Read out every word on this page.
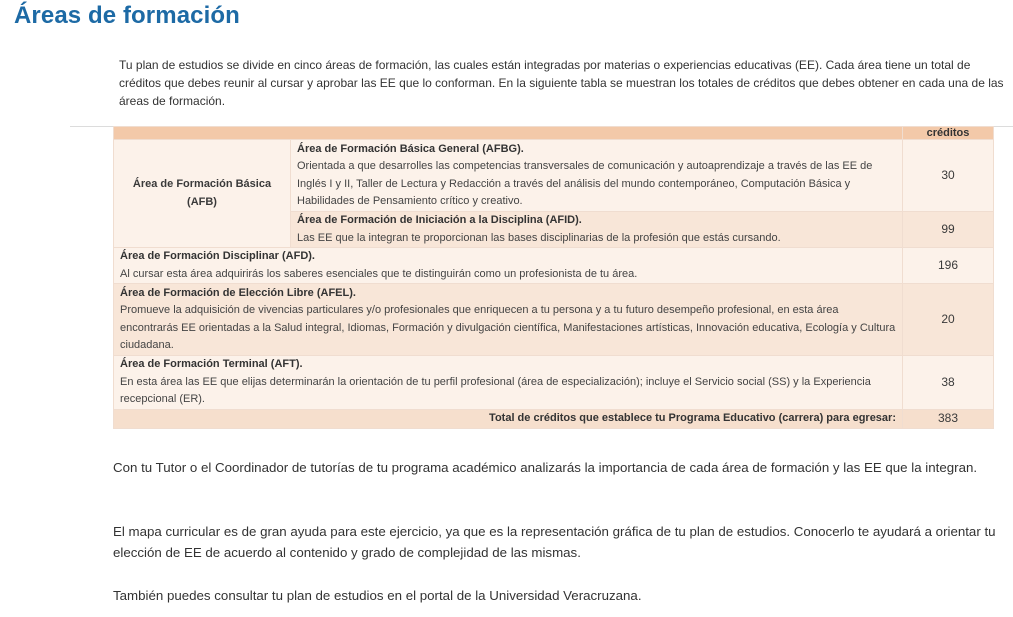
Áreas de formación

Tu plan de estudios se divide en cinco áreas de formación, las cuales están integradas por materias o experiencias educativas (EE). Cada área tiene un total de créditos que debes reunir al cursar y aprobar las EE que lo conforman. En la siguiente tabla se muestran los totales de créditos que debes obtener en cada una de las áreas de formación.

		créditos
Área de Formación Básica (AFB)	Área de Formación Básica General (AFBG).
Orientada a que desarrolles las competencias transversales de comunicación y autoaprendizaje a través de las EE de Inglés I y II, Taller de Lectura y Redacción a través del análisis del mundo contemporáneo, Computación Básica y Habilidades de Pensamiento crítico y creativo.	30

	Área de Formación de Iniciación a la Disciplina (AFID).
Las EE que la integran te proporcionan las bases disciplinarias de la profesión que estás cursando.	99

Área de Formación Disciplinar (AFD).
Al cursar esta área adquirirás los saberes esenciales que te distinguirán como un profesionista de tu área.		196

Área de Formación de Elección Libre (AFEL).
Promueve la adquisición de vivencias particulares y/o profesionales que enriquecen a tu persona y a tu futuro desempeño profesional, en esta área encontrarás EE orientadas a la Salud integral, Idiomas, Formación y divulgación científica, Manifestaciones artísticas, Innovación educativa, Ecología y Cultura ciudadana.		20

Área de Formación Terminal (AFT).
En esta área las EE que elijas determinarán la orientación de tu perfil profesional (área de especialización); incluye el Servicio social (SS) y la Experiencia recepcional (ER).		38
Total de créditos que establece tu Programa Educativo (carrera) para egresar:		383

Con tu Tutor o el Coordinador de tutorías de tu programa académico analizarás la importancia de cada área de formación y las EE que la integran.

El mapa curricular es de gran ayuda para este ejercicio, ya que es la representación gráfica de tu plan de estudios. Conocerlo te ayudará a orientar tu elección de EE de acuerdo al contenido y grado de complejidad de las mismas.

También puedes consultar tu plan de estudios en el portal de la Universidad Veracruzana.
